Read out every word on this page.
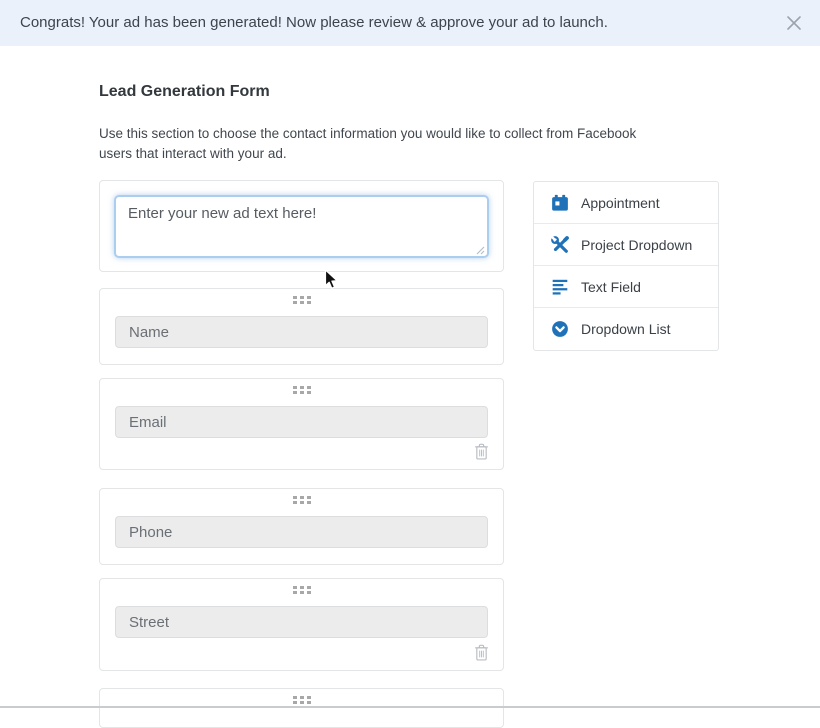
Congrats! Your ad has been generated! Now please review & approve your ad to launch.
Lead Generation Form
Use this section to choose the contact information you would like to collect from Facebook
users that interact with your ad.
Enter your new ad text here!
Name
Email
Phone
Street
Appointment
Project Dropdown
Text Field
Dropdown List
